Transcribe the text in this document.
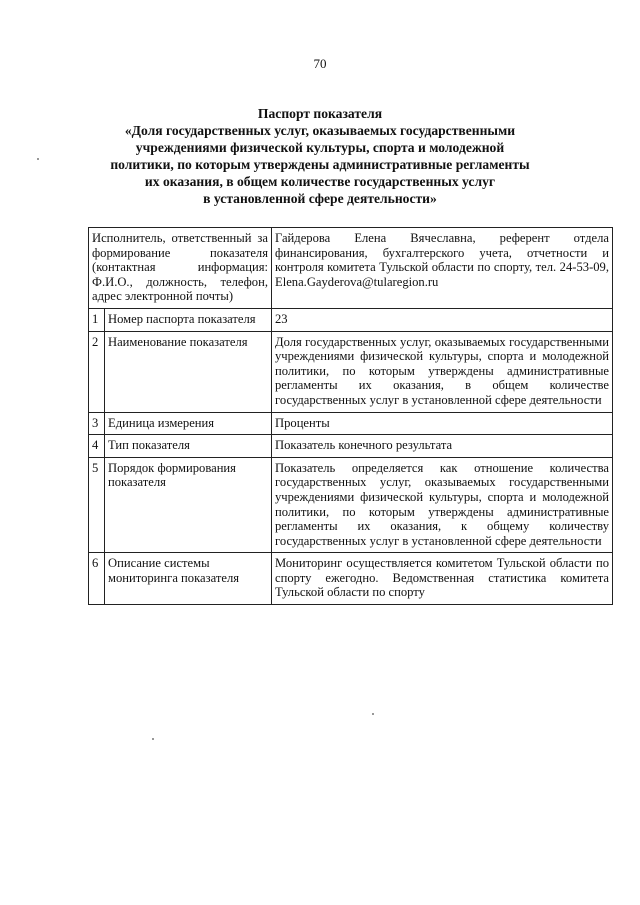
70
Паспорт показателя
«Доля государственных услуг, оказываемых государственными
учреждениями физической культуры, спорта и молодежной
политики, по которым утверждены административные регламенты
их оказания, в общем количестве государственных услуг
в установленной сфере деятельности»
Исполнитель, ответственный за формирование показателя (контактная информация: Ф.И.О., должность, телефон, адрес электронной почты)		Гайдерова Елена Вячеславна, референт отдела финансирования, бухгалтерского учета, отчетности и контроля комитета Тульской области по спорту, тел. 24-53-09, Elena.Gayderova@tularegion.ru
1	Номер паспорта показателя	23
2	Наименование показателя	Доля государственных услуг, оказываемых государственными учреждениями физической культуры, спорта и молодежной политики, по которым утверждены административные регламенты их оказания, в общем количестве государственных услуг в установленной сфере деятельности
3	Единица измерения	Проценты
4	Тип показателя	Показатель конечного результата
5	Порядок формирования показателя	Показатель определяется как отношение количества государственных услуг, оказываемых государственными учреждениями физической культуры, спорта и молодежной политики, по которым утверждены административные регламенты их оказания, к общему количеству государственных услуг в установленной сфере деятельности
6	Описание системы мониторинга показателя	Мониторинг осуществляется комитетом Тульской области по спорту ежегодно. Ведомственная статистика комитета Тульской области по спорту
